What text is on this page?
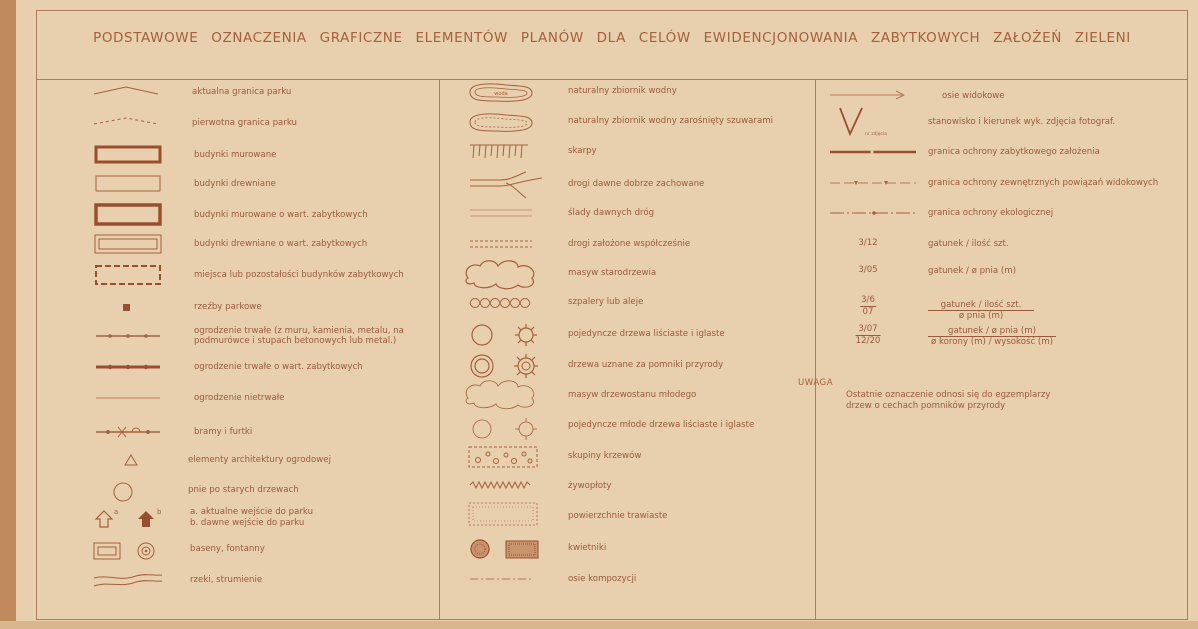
PODSTAWOWE OZNACZENIA GRAFICZNE ELEMENTÓW PLANÓW DLA CELÓW EWIDENCJONOWANIA ZABYTKOWYCH ZAŁOŻEŃ ZIELENI
a	b
aktualna granica parku
pierwotna granica parku
budynki murowane
budynki drewniane
budynki murowane o wart. zabytkowych
budynki drewniane o wart. zabytkowych
miejsca lub pozostałości budynków zabytkowych
rzeźby parkowe
ogrodzenie trwałe (z muru, kamienia, metalu, na podmurówce i stupach betonowych lub metal.)
ogrodzenie trwałe o wart. zabytkowych
ogrodzenie nietrwałe
bramy i furtki
elementy architektury ogrodowej
pnie po starych drzewach
a. aktualne wejście do parku
b. dawne wejście do parku
baseny, fontanny
rzeki, strumienie
woda	naturalny zbiornik wodny
naturalny zbiornik wodny zarośnięty szuwarami
skarpy
drogi dawne dobrze zachowane
ślady dawnych dróg
drogi założone współcześnie
masyw starodrzewia
szpalery lub aleje
pojedyncze drzewa liściaste i iglaste
drzewa uznane za pomniki przyrody
masyw drzewostanu młodego
pojedyncze młode drzewa liściaste i iglaste
skupiny krzewów
żywopłoty
powierzchnie trawiaste
kwietniki
osie kompozycji
nr zdjęcia
osie widokowe
stanowisko i kierunek wyk. zdjęcia fotograf.
granica ochrony zabytkowego założenia
granica ochrony zewnętrznych powiązań widokowych
granica ochrony ekologicznej
3/12	gatunek / ilość szt.
3/05	gatunek / ø pnia (m)
$\frac{3/6}{07}$	gatunek / ilość szt.
ø pnia (m)
$\frac{3/07}{12/20}$	gatunek / ø pnia (m)
ø korony (m) / wysokość (m)
UWAGA
Ostatnie oznaczenie odnosi się do egzemplarzy drzew o cechach pomników przyrody
